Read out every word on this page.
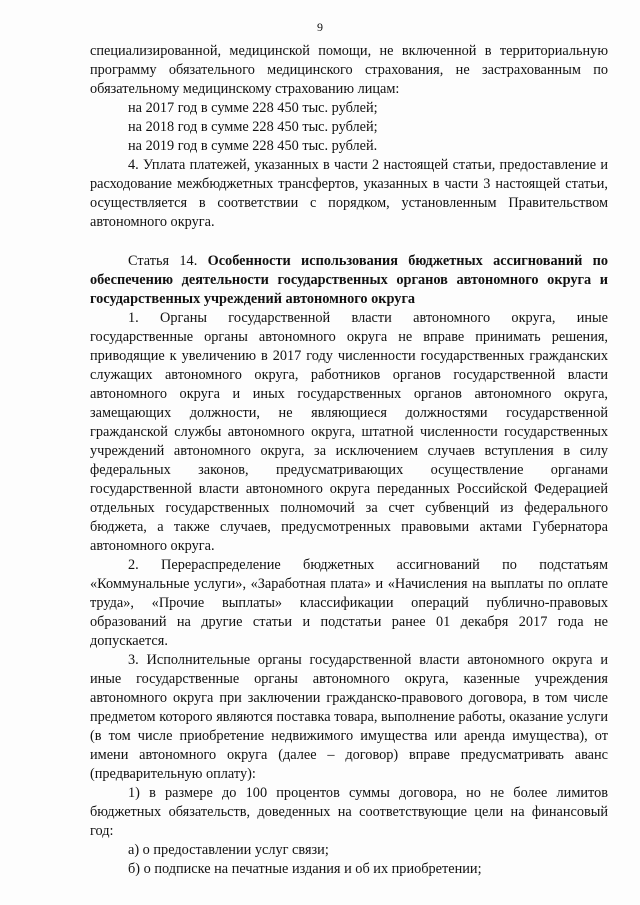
9

специализированной, медицинской помощи, не включенной в территориальную программу обязательного медицинского страхования, не застрахованным по обязательному медицинскому страхованию лицам:

на 2017 год в сумме 228 450 тыс. рублей;

на 2018 год в сумме 228 450 тыс. рублей;

на 2019 год в сумме 228 450 тыс. рублей.

4. Уплата платежей, указанных в части 2 настоящей статьи, предоставление и расходование межбюджетных трансфертов, указанных в части 3 настоящей статьи, осуществляется в соответствии с порядком, установленным Правительством автономного округа.

Статья 14. Особенности использования бюджетных ассигнований по обеспечению деятельности государственных органов автономного округа и государственных учреждений автономного округа

1. Органы государственной власти автономного округа, иные государственные органы автономного округа не вправе принимать решения, приводящие к увеличению в 2017 году численности государственных гражданских служащих автономного округа, работников органов государственной власти автономного округа и иных государственных органов автономного округа, замещающих должности, не являющиеся должностями государственной гражданской службы автономного округа, штатной численности государственных учреждений автономного округа, за исключением случаев вступления в силу федеральных законов, предусматривающих осуществление органами государственной власти автономного округа переданных Российской Федерацией отдельных государственных полномочий за счет субвенций из федерального бюджета, а также случаев, предусмотренных правовыми актами Губернатора автономного округа.

2. Перераспределение бюджетных ассигнований по подстатьям «Коммунальные услуги», «Заработная плата» и «Начисления на выплаты по оплате труда», «Прочие выплаты» классификации операций публично-правовых образований на другие статьи и подстатьи ранее 01 декабря 2017 года не допускается.

3. Исполнительные органы государственной власти автономного округа и иные государственные органы автономного округа, казенные учреждения автономного округа при заключении гражданско-правового договора, в том числе предметом которого являются поставка товара, выполнение работы, оказание услуги (в том числе приобретение недвижимого имущества или аренда имущества), от имени автономного округа (далее – договор) вправе предусматривать аванс (предварительную оплату):

1) в размере до 100 процентов суммы договора, но не более лимитов бюджетных обязательств, доведенных на соответствующие цели на финансовый год:

а) о предоставлении услуг связи;

б) о подписке на печатные издания и об их приобретении;
